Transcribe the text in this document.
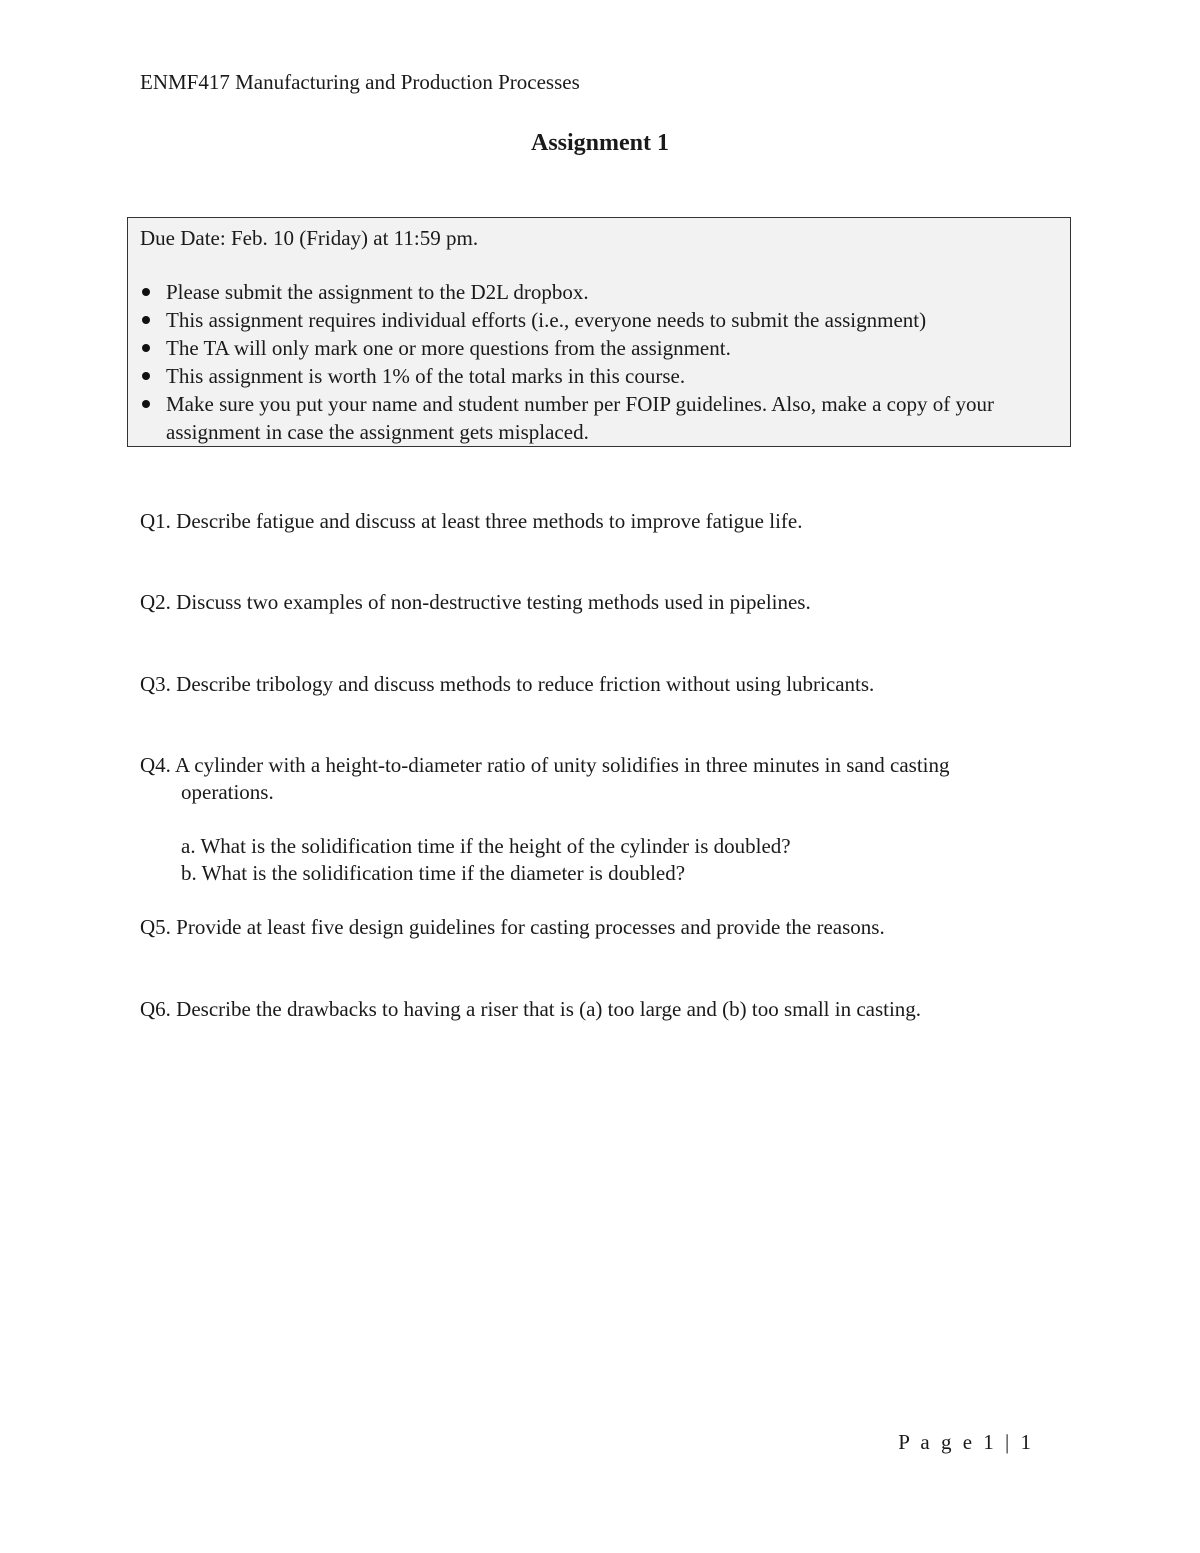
ENMF417 Manufacturing and Production Processes
Assignment 1
Due Date: Feb. 10 (Friday) at 11:59 pm.
Please submit the assignment to the D2L dropbox.
This assignment requires individual efforts (i.e., everyone needs to submit the assignment)
The TA will only mark one or more questions from the assignment.
This assignment is worth 1% of the total marks in this course.
Make sure you put your name and student number per FOIP guidelines. Also, make a copy of your assignment in case the assignment gets misplaced.
Q1. Describe fatigue and discuss at least three methods to improve fatigue life.
Q2. Discuss two examples of non-destructive testing methods used in pipelines.
Q3. Describe tribology and discuss methods to reduce friction without using lubricants.
Q4. A cylinder with a height-to-diameter ratio of unity solidifies in three minutes in sand casting
operations.
a. What is the solidification time if the height of the cylinder is doubled?
b. What is the solidification time if the diameter is doubled?
Q5. Provide at least five design guidelines for casting processes and provide the reasons.
Q6. Describe the drawbacks to having a riser that is (a) too large and (b) too small in casting.
P a g e 1 | 1
